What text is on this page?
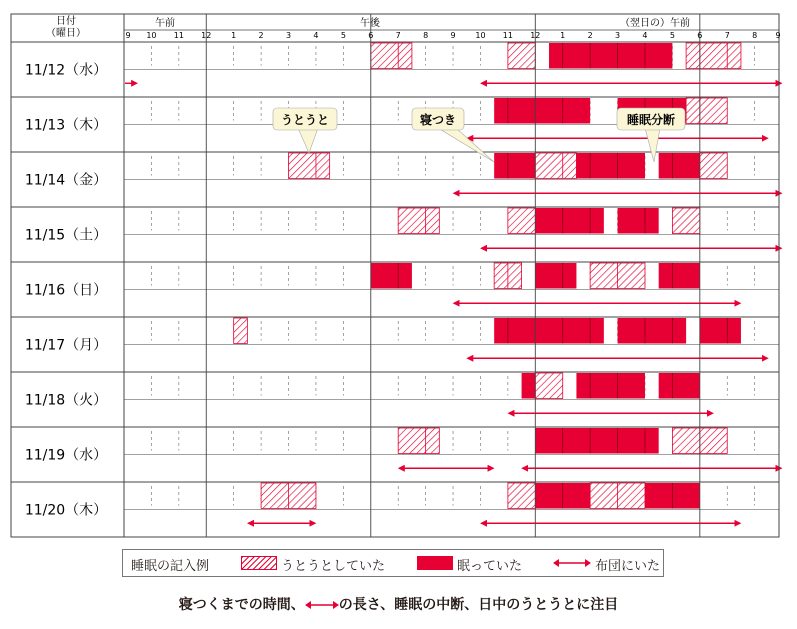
日付
（曜日）
午前	午後	（翌日の）午前
9 10 11 12 1	2	3	4	5	6	7	8	9 10 11 12 1	2	3	4	5	6	7	8 9
11/12（水）
11/13（木）
11/14（金）
11/15（土）
11/16（日）
11/17（月）
11/18（火）
11/19（水）
11/20（木）
うとうと	寝つき	睡眠分断
睡眠の記入例	うとうとしていた	眠っていた	布団にいた
寝つくまでの時間、 の長さ、睡眠の中断、日中のうとうとに注目
